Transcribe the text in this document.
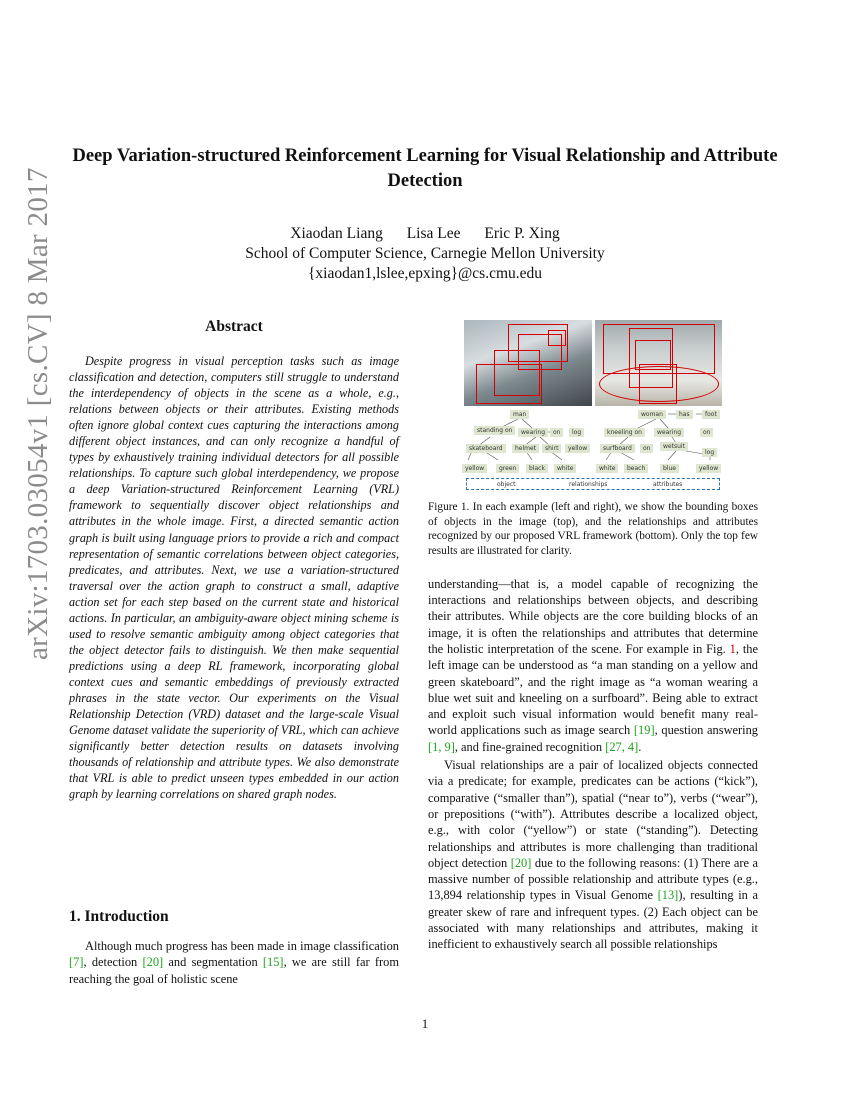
arXiv:1703.03054v1 [cs.CV] 8 Mar 2017
Deep Variation-structured Reinforcement Learning for Visual Relationship and Attribute Detection
Xiaodan Liang Lisa Lee Eric P. Xing
School of Computer Science, Carnegie Mellon University
{xiaodan1,lslee,epxing}@cs.cmu.edu
Abstract

Despite progress in visual perception tasks such as image classification and detection, computers still struggle to understand the interdependency of objects in the scene as a whole, e.g., relations between objects or their attributes. Existing methods often ignore global context cues capturing the interactions among different object instances, and can only recognize a handful of types by exhaustively training individual detectors for all possible relationships. To capture such global interdependency, we propose a deep Variation-structured Reinforcement Learning (VRL) framework to sequentially discover object relationships and attributes in the whole image. First, a directed semantic action graph is built using language priors to provide a rich and compact representation of semantic correlations between object categories, predicates, and attributes. Next, we use a variation-structured traversal over the action graph to construct a small, adaptive action set for each step based on the current state and historical actions. In particular, an ambiguity-aware object mining scheme is used to resolve semantic ambiguity among object categories that the object detector fails to distinguish. We then make sequential predictions using a deep RL framework, incorporating global context cues and semantic embeddings of previously extracted phrases in the state vector. Our experiments on the Visual Relationship Detection (VRD) dataset and the large-scale Visual Genome dataset validate the superiority of VRL, which can achieve significantly better detection results on datasets involving thousands of relationship and attribute types. We also demonstrate that VRL is able to predict unseen types embedded in our action graph by learning correlations on shared graph nodes.

1. Introduction

Although much progress has been made in image classification [7], detection [20] and segmentation [15], we are still far from reaching the goal of holistic scene

man
standing on	wearing	on	log
skateboard	helmet	shirt	yellow
yellow	green	black	white
woman	has	foot
kneeling on	wearing	on
surfboard	on	wetsuit
log
white	beach	blue	yellow
object	relationships	attributes

Figure 1. In each example (left and right), we show the bounding boxes of objects in the image (top), and the relationships and attributes recognized by our proposed VRL framework (bottom). Only the top few results are illustrated for clarity.

understanding—that is, a model capable of recognizing the interactions and relationships between objects, and describing their attributes. While objects are the core building blocks of an image, it is often the relationships and attributes that determine the holistic interpretation of the scene. For example in Fig. 1, the left image can be understood as “a man standing on a yellow and green skateboard”, and the right image as “a woman wearing a blue wet suit and kneeling on a surfboard”. Being able to extract and exploit such visual information would benefit many real-world applications such as image search [19], question answering [1, 9], and fine-grained recognition [27, 4].

Visual relationships are a pair of localized objects connected via a predicate; for example, predicates can be actions (“kick”), comparative (“smaller than”), spatial (“near to”), verbs (“wear”), or prepositions (“with”). Attributes describe a localized object, e.g., with color (“yellow”) or state (“standing”). Detecting relationships and attributes is more challenging than traditional object detection [20] due to the following reasons: (1) There are a massive number of possible relationship and attribute types (e.g., 13,894 relationship types in Visual Genome [13]), resulting in a greater skew of rare and infrequent types. (2) Each object can be associated with many relationships and attributes, making it inefficient to exhaustively search all possible relationships

1
